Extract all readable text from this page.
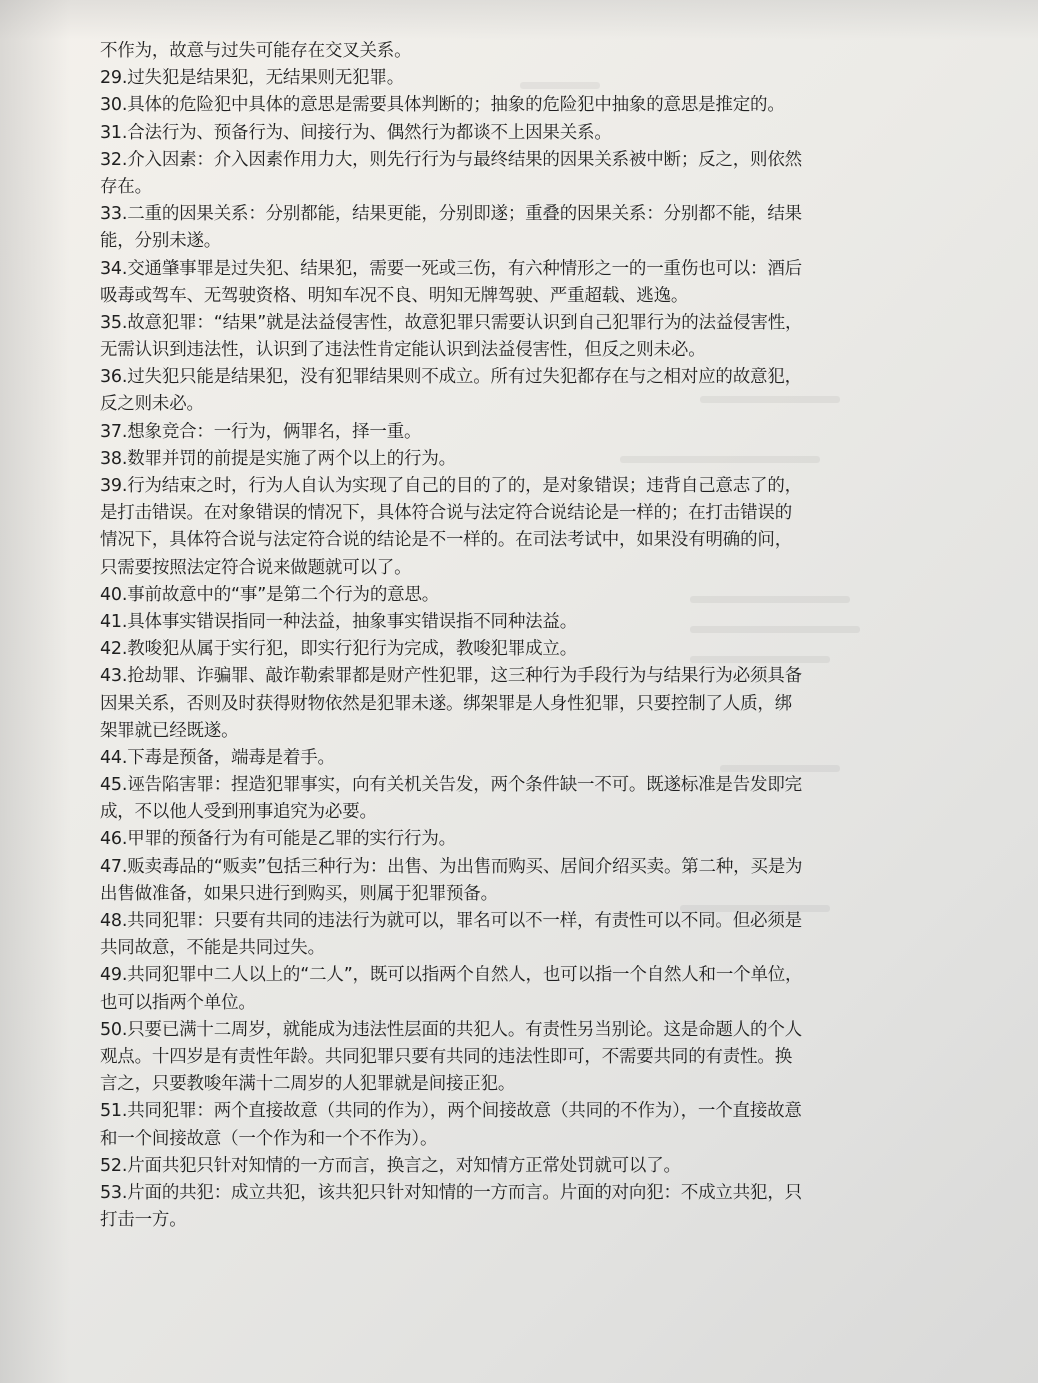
不作为，故意与过失可能存在交叉关系。
29.过失犯是结果犯，无结果则无犯罪。
30.具体的危险犯中具体的意思是需要具体判断的；抽象的危险犯中抽象的意思是推定的。
31.合法行为、预备行为、间接行为、偶然行为都谈不上因果关系。
32.介入因素：介入因素作用力大，则先行行为与最终结果的因果关系被中断；反之，则依然
存在。
33.二重的因果关系：分别都能，结果更能，分别即遂；重叠的因果关系：分别都不能，结果
能，分别未遂。
34.交通肇事罪是过失犯、结果犯，需要一死或三伤，有六种情形之一的一重伤也可以：酒后
吸毒或驾车、无驾驶资格、明知车况不良、明知无牌驾驶、严重超载、逃逸。
35.故意犯罪：“结果”就是法益侵害性，故意犯罪只需要认识到自己犯罪行为的法益侵害性，
无需认识到违法性，认识到了违法性肯定能认识到法益侵害性，但反之则未必。
36.过失犯只能是结果犯，没有犯罪结果则不成立。所有过失犯都存在与之相对应的故意犯，
反之则未必。
37.想象竞合：一行为，俩罪名，择一重。
38.数罪并罚的前提是实施了两个以上的行为。
39.行为结束之时，行为人自认为实现了自己的目的了的，是对象错误；违背自己意志了的，
是打击错误。在对象错误的情况下，具体符合说与法定符合说结论是一样的；在打击错误的
情况下，具体符合说与法定符合说的结论是不一样的。在司法考试中，如果没有明确的问，
只需要按照法定符合说来做题就可以了。
40.事前故意中的“事”是第二个行为的意思。
41.具体事实错误指同一种法益，抽象事实错误指不同种法益。
42.教唆犯从属于实行犯，即实行犯行为完成，教唆犯罪成立。
43.抢劫罪、诈骗罪、敲诈勒索罪都是财产性犯罪，这三种行为手段行为与结果行为必须具备
因果关系，否则及时获得财物依然是犯罪未遂。绑架罪是人身性犯罪，只要控制了人质，绑
架罪就已经既遂。
44.下毒是预备，端毒是着手。
45.诬告陷害罪：捏造犯罪事实，向有关机关告发，两个条件缺一不可。既遂标准是告发即完
成，不以他人受到刑事追究为必要。
46.甲罪的预备行为有可能是乙罪的实行行为。
47.贩卖毒品的“贩卖”包括三种行为：出售、为出售而购买、居间介绍买卖。第二种，买是为
出售做准备，如果只进行到购买，则属于犯罪预备。
48.共同犯罪：只要有共同的违法行为就可以，罪名可以不一样，有责性可以不同。但必须是
共同故意，不能是共同过失。
49.共同犯罪中二人以上的“二人”，既可以指两个自然人，也可以指一个自然人和一个单位，
也可以指两个单位。
50.只要已满十二周岁，就能成为违法性层面的共犯人。有责性另当别论。这是命题人的个人
观点。十四岁是有责性年龄。共同犯罪只要有共同的违法性即可，不需要共同的有责性。换
言之，只要教唆年满十二周岁的人犯罪就是间接正犯。
51.共同犯罪：两个直接故意（共同的作为），两个间接故意（共同的不作为），一个直接故意
和一个间接故意（一个作为和一个不作为）。
52.片面共犯只针对知情的一方而言，换言之，对知情方正常处罚就可以了。
53.片面的共犯：成立共犯，该共犯只针对知情的一方而言。片面的对向犯：不成立共犯，只
打击一方。
